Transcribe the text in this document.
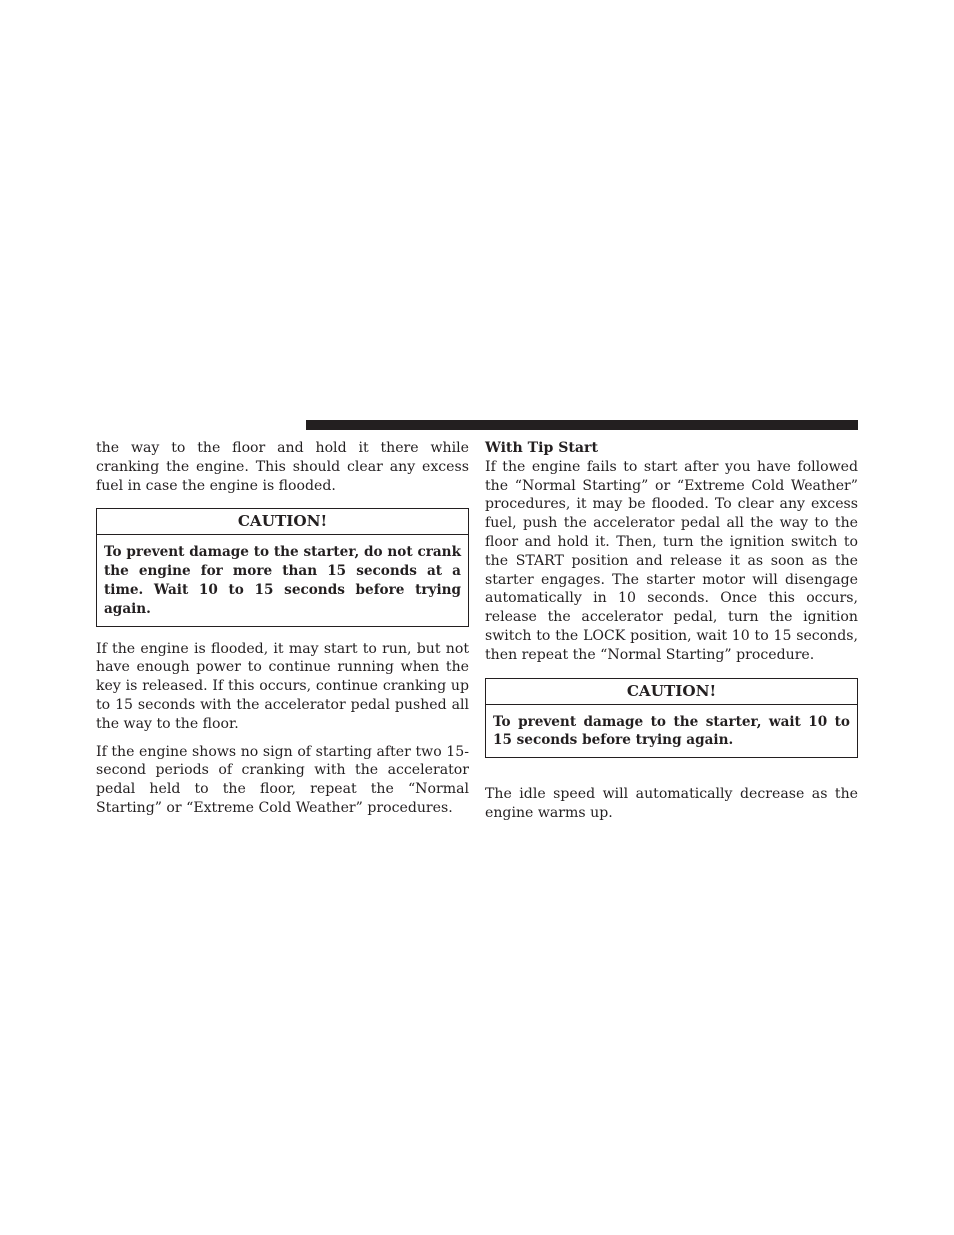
the way to the floor and hold it there while cranking the engine. This should clear any excess fuel in case the engine is flooded.

CAUTION!
To prevent damage to the starter, do not crank the engine for more than 15 seconds at a time. Wait 10 to 15 seconds before trying again.

If the engine is flooded, it may start to run, but not have enough power to continue running when the key is released. If this occurs, continue cranking up to 15 seconds with the accelerator pedal pushed all the way to the floor.

If the engine shows no sign of starting after two 15-second periods of cranking with the accelerator pedal held to the floor, repeat the “Normal Starting” or “Extreme Cold Weather” procedures.

With Tip Start

If the engine fails to start after you have followed the “Normal Starting” or “Extreme Cold Weather” procedures, it may be flooded. To clear any excess fuel, push the accelerator pedal all the way to the floor and hold it. Then, turn the ignition switch to the START position and release it as soon as the starter engages. The starter motor will disengage automatically in 10 seconds. Once this occurs, release the accelerator pedal, turn the ignition switch to the LOCK position, wait 10 to 15 seconds, then repeat the “Normal Starting” procedure.

CAUTION!
To prevent damage to the starter, wait 10 to 15 seconds before trying again.

The idle speed will automatically decrease as the engine warms up.
